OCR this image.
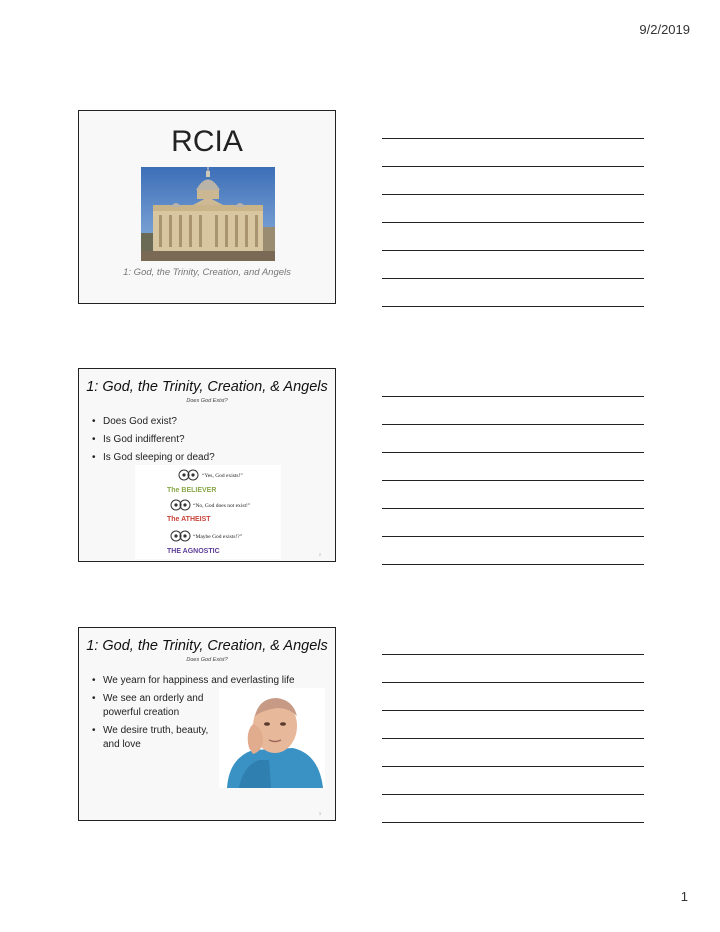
9/2/2019
RCIA
1: God, the Trinity, Creation, and Angels
1: God, the Trinity, Creation, & Angels
Does God Exist?
• Does God exist?
• Is God indifferent?
• Is God sleeping or dead?
“Yes, God exists!”
The BELIEVER
“No, God does not exist!”
The ATHEIST
“Maybe God exists!?”
THE AGNOSTIC	2
1: God, the Trinity, Creation, & Angels
Does God Exist?
• We yearn for happiness and everlasting life
• We see an orderly and powerful creation
• We desire truth, beauty, and love
3
1
